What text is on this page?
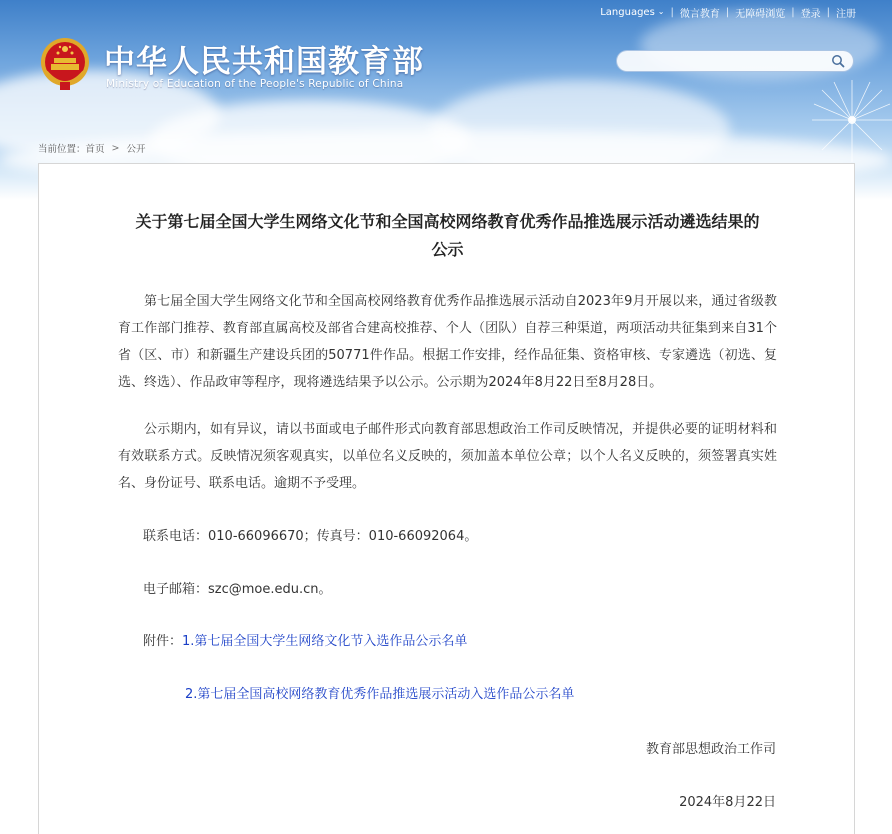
Languages ⌄ | 微言教育 | 无障碍浏览 | 登录 | 注册
中华人民共和国教育部
Ministry of Education of the People's Republic of China
当前位置： 首页 > 公开
关于第七届全国大学生网络文化节和全国高校网络教育优秀作品推选展示活动遴选结果的
公示

第七届全国大学生网络文化节和全国高校网络教育优秀作品推选展示活动自2023年9月开展以来，通过省级教育工作部门推荐、教育部直属高校及部省合建高校推荐、个人（团队）自荐三种渠道，两项活动共征集到来自31个省（区、市）和新疆生产建设兵团的50771件作品。根据工作安排，经作品征集、资格审核、专家遴选（初选、复选、终选）、作品政审等程序，现将遴选结果予以公示。公示期为2024年8月22日至8月28日。

公示期内，如有异议，请以书面或电子邮件形式向教育部思想政治工作司反映情况，并提供必要的证明材料和有效联系方式。反映情况须客观真实，以单位名义反映的，须加盖本单位公章；以个人名义反映的，须签署真实姓名、身份证号、联系电话。逾期不予受理。

联系电话：010-66096670；传真号：010-66092064。
电子邮箱：szc@moe.edu.cn。
附件：1.第七届全国大学生网络文化节入选作品公示名单
2.第七届全国高校网络教育优秀作品推选展示活动入选作品公示名单
教育部思想政治工作司
2024年8月22日
